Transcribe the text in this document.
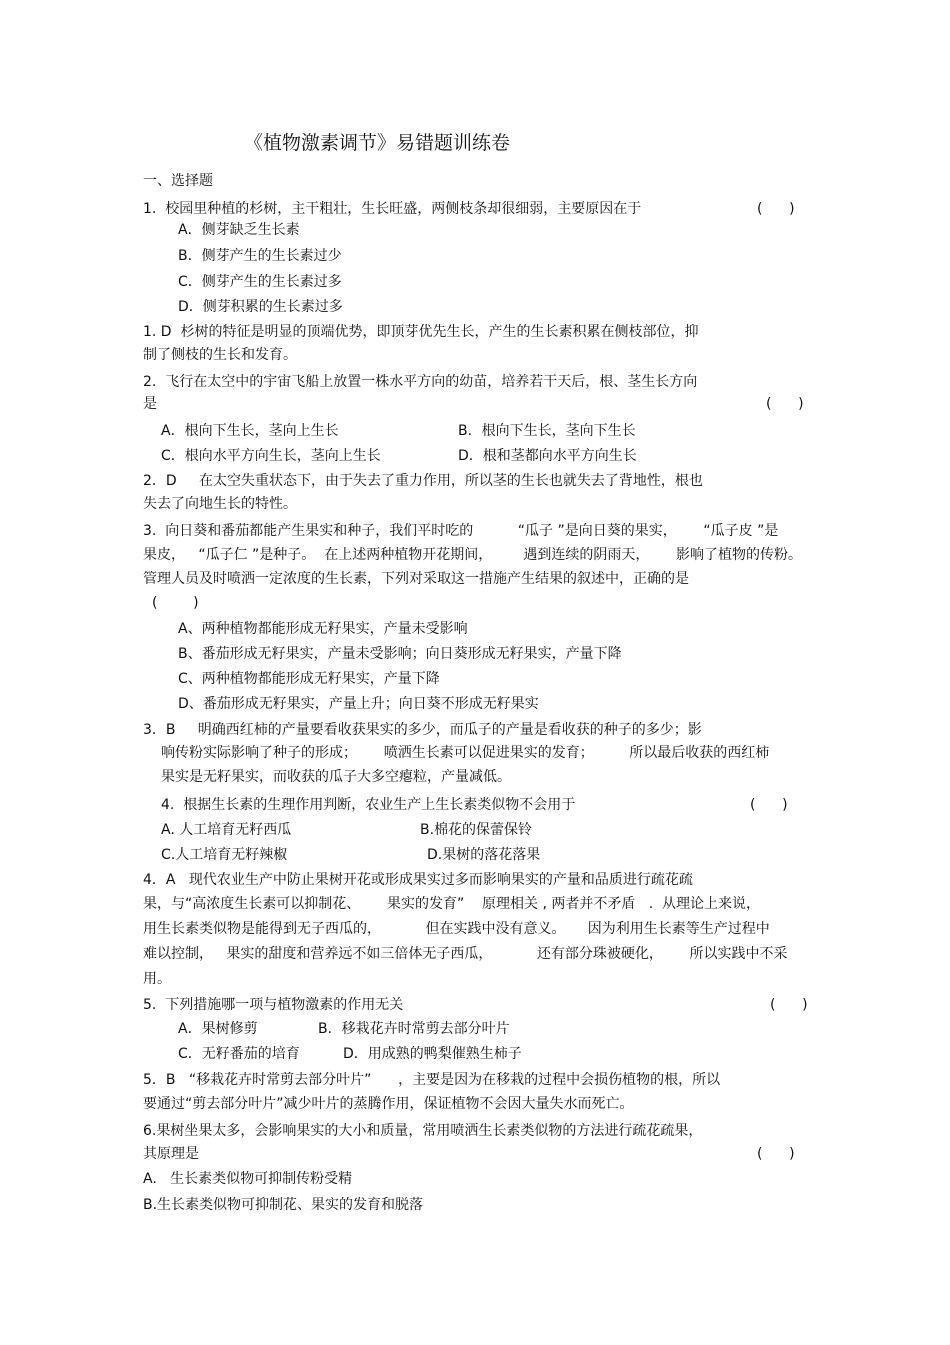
《植物激素调节》易错题训练卷
一、选择题
1.  校园里种植的杉树，主干粗壮，生长旺盛，两侧枝条却很细弱，主要原因在于	(      )
A．侧芽缺乏生长素
B．侧芽产生的生长素过少
C．侧芽产生的生长素过多
D．侧芽积累的生长素过多
1. D  杉树的特征是明显的顶端优势，即顶芽优先生长，产生的生长素积累在侧枝部位，抑
制了侧枝的生长和发育。
2.  飞行在太空中的宇宙飞船上放置一株水平方向的幼苗，培养若干天后，根、茎生长方向
是	(      )
A．根向下生长，茎向上生长	B．根向下生长，茎向下生长
C．根向水平方向生长，茎向上生长	D．根和茎都向水平方向生长
2．D     在太空失重状态下，由于失去了重力作用，所以茎的生长也就失去了背地性，根也
失去了向地生长的特性。
3.  向日葵和番茄都能产生果实和种子，我们平时吃的          “瓜子 ”是向日葵的果实，      “瓜子皮 ”是
果皮，   “瓜子仁 ”是种子。  在上述两种植物开花期间，       遇到连续的阴雨天，      影响了植物的传粉。
管理人员及时喷洒一定浓度的生长素，下列对采取这一措施产生结果的叙述中，正确的是
(        )
A、两种植物都能形成无籽果实，产量未受影响
B、番茄形成无籽果实，产量未受影响；向日葵形成无籽果实，产量下降
C、两种植物都能形成无籽果实，产量下降
D、番茄形成无籽果实，产量上升；向日葵不形成无籽果实
3．B     明确西红柿的产量要看收获果实的多少，而瓜子的产量是看收获的种子的多少；影
响传粉实际影响了种子的形成；      喷洒生长素可以促进果实的发育；        所以最后收获的西红柿
果实是无籽果实，而收获的瓜子大多空瘪粒，产量减低。
4.  根据生长素的生理作用判断，农业生产上生长素类似物不会用于	(      )
A. 人工培育无籽西瓜	B.棉花的保蕾保铃
C.人工培育无籽辣椒	D.果树的落花落果
4．A   现代农业生产中防止果树开花或形成果实过多而影响果实的产量和品质进行疏花疏
果，与“高浓度生长素可以抑制花、      果实的发育”    原理相关 , 两者并不矛盾   .  从理论上来说，
用生长素类似物是能得到无子西瓜的，          但在实践中没有意义。     因为利用生长素等生产过程中
难以控制，   果实的甜度和营养远不如三倍体无子西瓜，          还有部分珠被硬化，      所以实践中不采
用。
5.  下列措施哪一项与植物激素的作用无关	(      )
A．果树修剪	B．移栽花卉时常剪去部分叶片
C．无籽番茄的培育	D．用成熟的鸭梨催熟生柿子
5．B   “移栽花卉时常剪去部分叶片”      ，主要是因为在移栽的过程中会损伤植物的根，所以
要通过“剪去部分叶片”减少叶片的蒸腾作用，保证植物不会因大量失水而死亡。
6.果树坐果太多，会影响果实的大小和质量，常用喷洒生长素类似物的方法进行疏花疏果，
其原理是	(      )
A.   生长素类似物可抑制传粉受精
B.生长素类似物可抑制花、果实的发育和脱落
